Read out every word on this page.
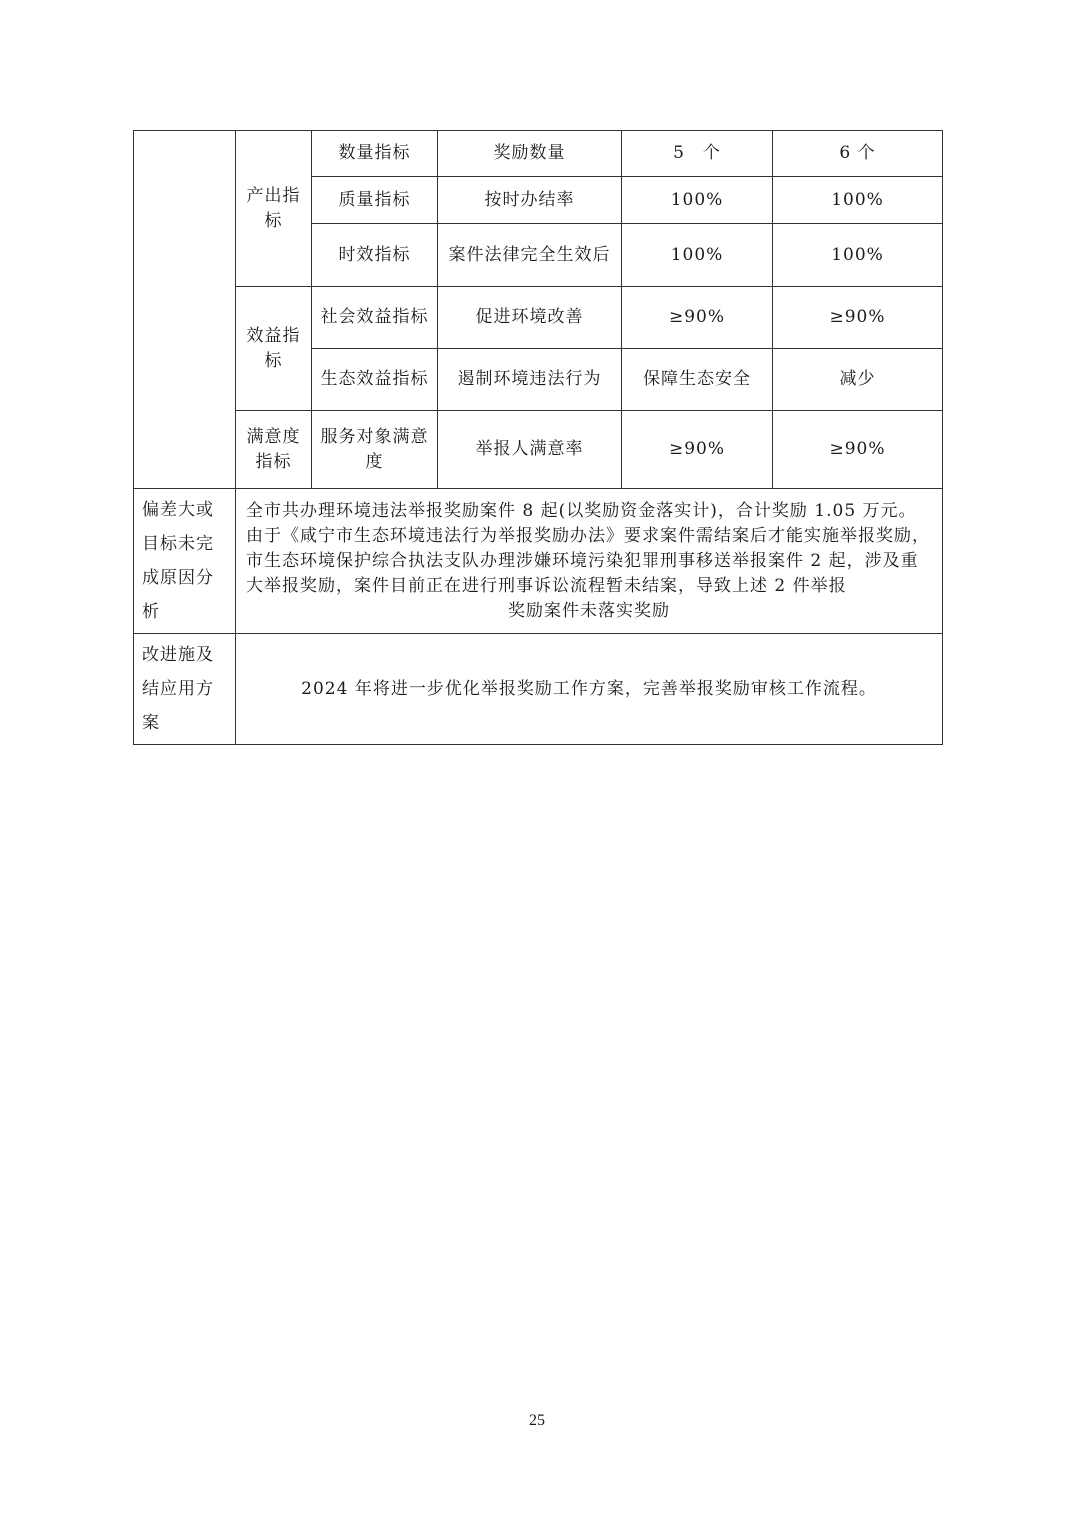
	产出指标	数量指标	奖励数量	5　个	6 个
		质量指标	按时办结率	100%	100%
		时效指标	案件法律完全生效后	100%	100%
	效益指标	社会效益指标	促进环境改善	≥90%	≥90%
		生态效益指标	遏制环境违法行为	保障生态安全	减少
	满意度指标	服务对象满意度	举报人满意率	≥90%	≥90%
偏差大或目标未完成原因分析	全市共办理环境违法举报奖励案件 8 起(以奖励资金落实计)，合计奖励 1.05 万元。由于《咸宁市生态环境违法行为举报奖励办法》要求案件需结案后才能实施举报奖励，市生态环境保护综合执法支队办理涉嫌环境污染犯罪刑事移送举报案件 2 起，涉及重大举报奖励，案件目前正在进行刑事诉讼流程暂未结案，导致上述 2 件举报
奖励案件未落实奖励				

改进施及结应用方案	2024 年将进一步优化举报奖励工作方案，完善举报奖励审核工作流程。				
25
